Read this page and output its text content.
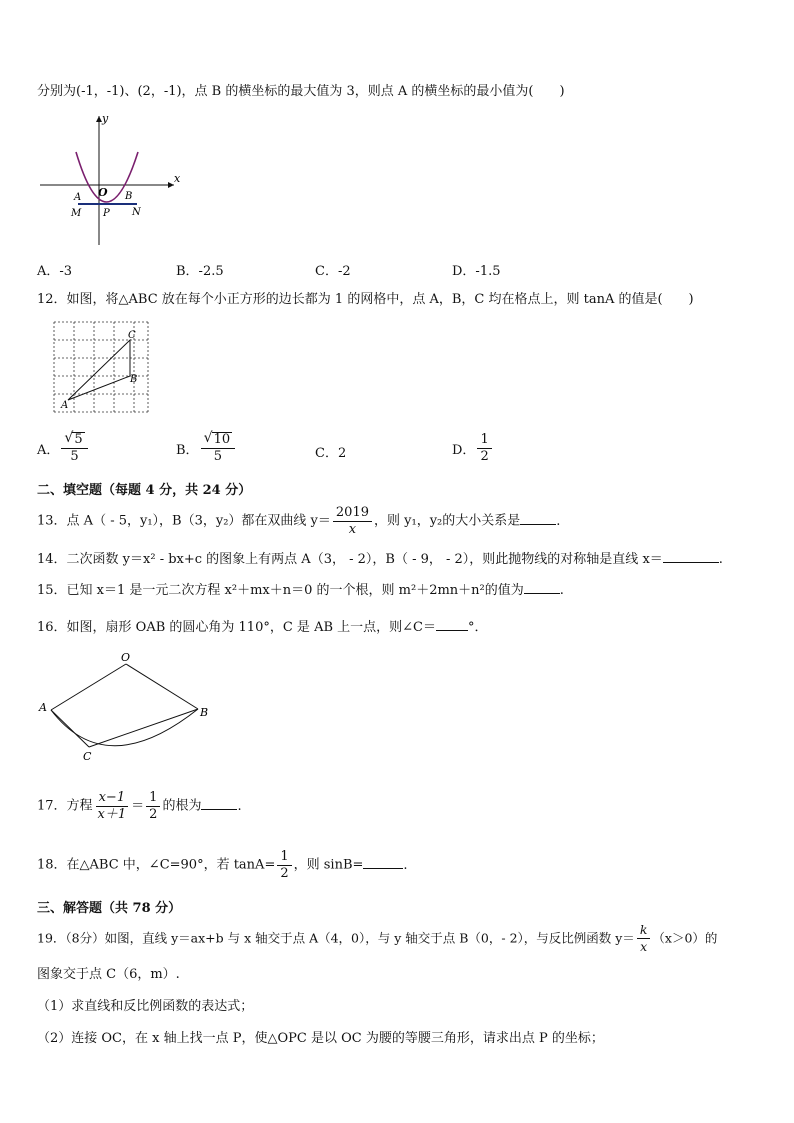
分别为(-1，-1)、(2，-1)，点 B 的横坐标的最大值为 3，则点 A 的横坐标的最小值为(　　)
x
y
O
A	B
M P N
A．-3	B．-2.5	C．-2	D．-1.5
12．如图，将△ABC 放在每个小正方形的边长都为 1 的网格中，点 A，B，C 均在格点上，则 tanA 的值是(　　)
A
B
C
A． $\frac{√ 5}{5}$	B． $\frac{√ 10}{5}$	C．2	D． $\frac{1}{2}$
二、填空题（每题 4 分，共 24 分）
13．点 A（ - 5，y₁），B（3，y₂）都在双曲线 $y= \frac{2019}{x}$ ，则 y₁，y₂的大小关系是	.
14．二次函数 y＝x² - bx+c 的图象上有两点 A（3， - 2），B（ - 9， - 2），则此抛物线的对称轴是直线 x＝	.
15．已知 x＝1 是一元二次方程 x²＋mx＋n＝0 的一个根，则 m²＋2mn＋n²的值为	.
16．如图，扇形 OAB 的圆心角为 110°，C 是 AB 上一点，则∠C＝ °．
O
A	B
C
17．方程 $\frac{x-1}{x+1} = \frac{1}{2}$ 的根为	.
18．在△ABC 中，∠C=90°，若 $\tan A= \frac{1}{2}$ ，则 sinB=	.
三、解答题（共 78 分）
19．（8分）如图，直线 y＝ax+b 与 x 轴交于点 A（4，0），与 y 轴交于点 B（0，- 2），与反比例函数 $y= \frac{k}{x} (x>0)$的
图象交于点 C（6，m）.
（1）求直线和反比例函数的表达式；
（2）连接 OC，在 x 轴上找一点 P，使△OPC 是以 OC 为腰的等腰三角形，请求出点 P 的坐标；
